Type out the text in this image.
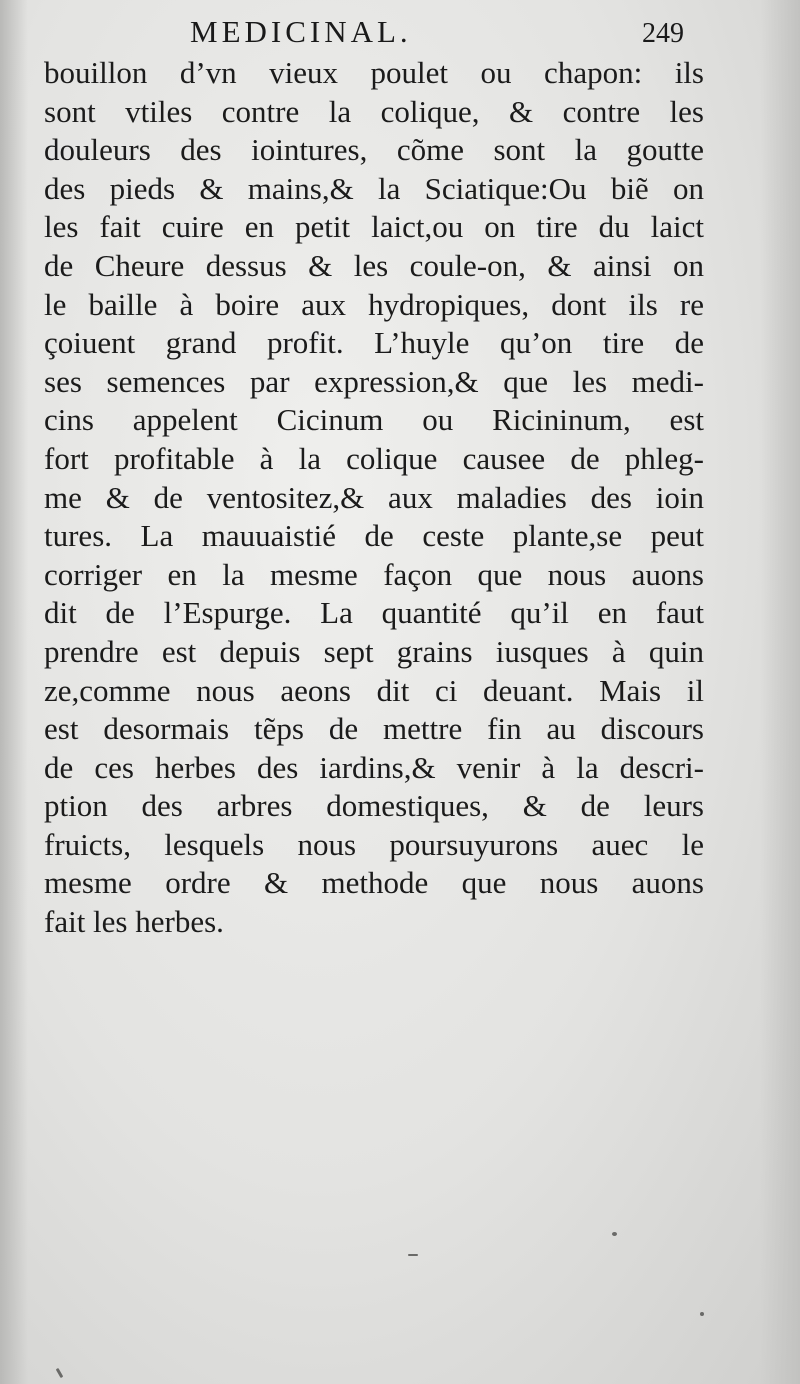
MEDICINAL.	249
bouillon d’vn vieux poulet ou chapon: ils
sont vtiles contre la colique, & contre les
douleurs des iointures, cõme sont la goutte
des pieds & mains,& la Sciatique:Ou biẽ on
les fait cuire en petit laict,ou on tire du laict
de Cheure dessus & les coule-on, & ainsi on
le baille à boire aux hydropiques, dont ils re
çoiuent grand profit. L’huyle qu’on tire de
ses semences par expression,& que les medi-
cins appelent Cicinum ou Ricininum, est
fort profitable à la colique causee de phleg-
me & de ventositez,& aux maladies des ioin
tures. La mauuaistié de ceste plante,se peut
corriger en la mesme façon que nous auons
dit de l’Espurge. La quantité qu’il en faut
prendre est depuis sept grains iusques à quin
ze,comme nous aeons dit ci deuant. Mais il
est desormais tẽps de mettre fin au discours
de ces herbes des iardins,& venir à la descri-
ption des arbres domestiques, & de leurs
fruicts, lesquels nous poursuyurons auec le
mesme ordre & methode que nous auons
fait les herbes.
